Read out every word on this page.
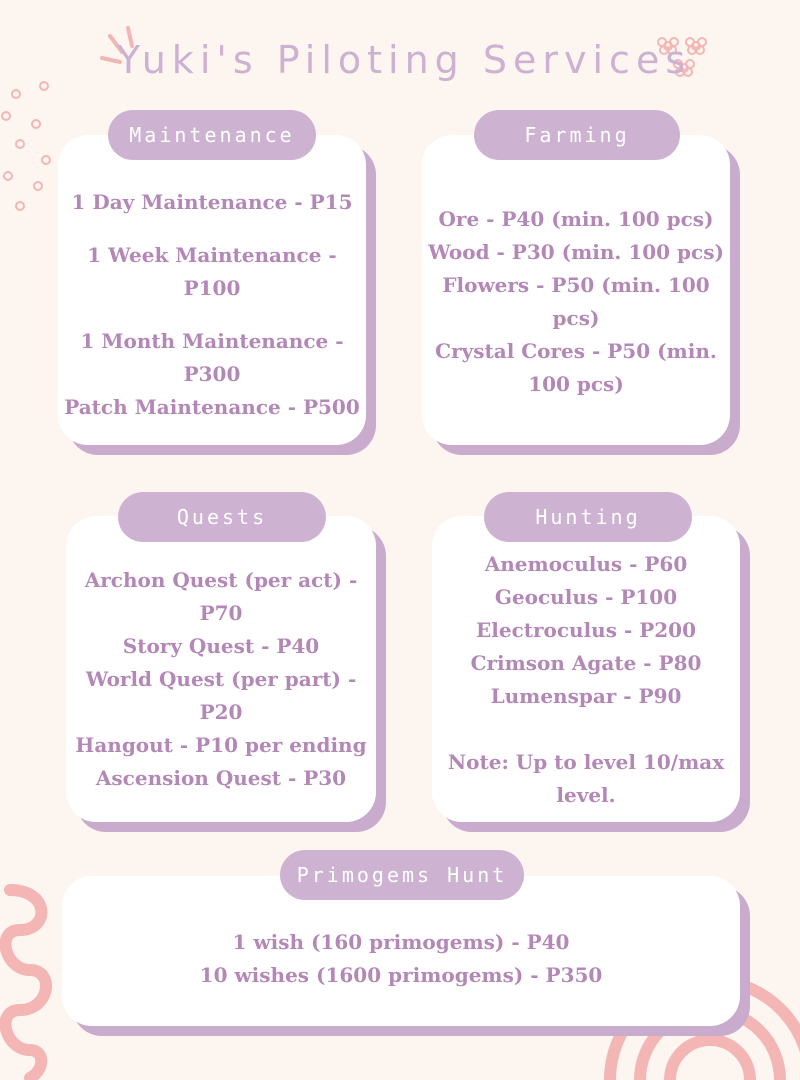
Yuki's Piloting Services

1 Day Maintenance - P15

1 Week Maintenance -

P100

1 Month Maintenance -

P300

Patch Maintenance - P500

Maintenance

Ore - P40 (min. 100 pcs)

Wood - P30 (min. 100 pcs)

Flowers - P50 (min. 100

pcs)

Crystal Cores - P50 (min.

100 pcs)

Farming

Archon Quest (per act) -

P70

Story Quest - P40

World Quest (per part) -

P20

Hangout - P10 per ending

Ascension Quest - P30

Quests

Anemoculus - P60

Geoculus - P100

Electroculus - P200

Crimson Agate - P80

Lumenspar - P90

Note: Up to level 10/max

level.

Hunting

1 wish (160 primogems) - P40

10 wishes (1600 primogems) - P350

Primogems Hunt
